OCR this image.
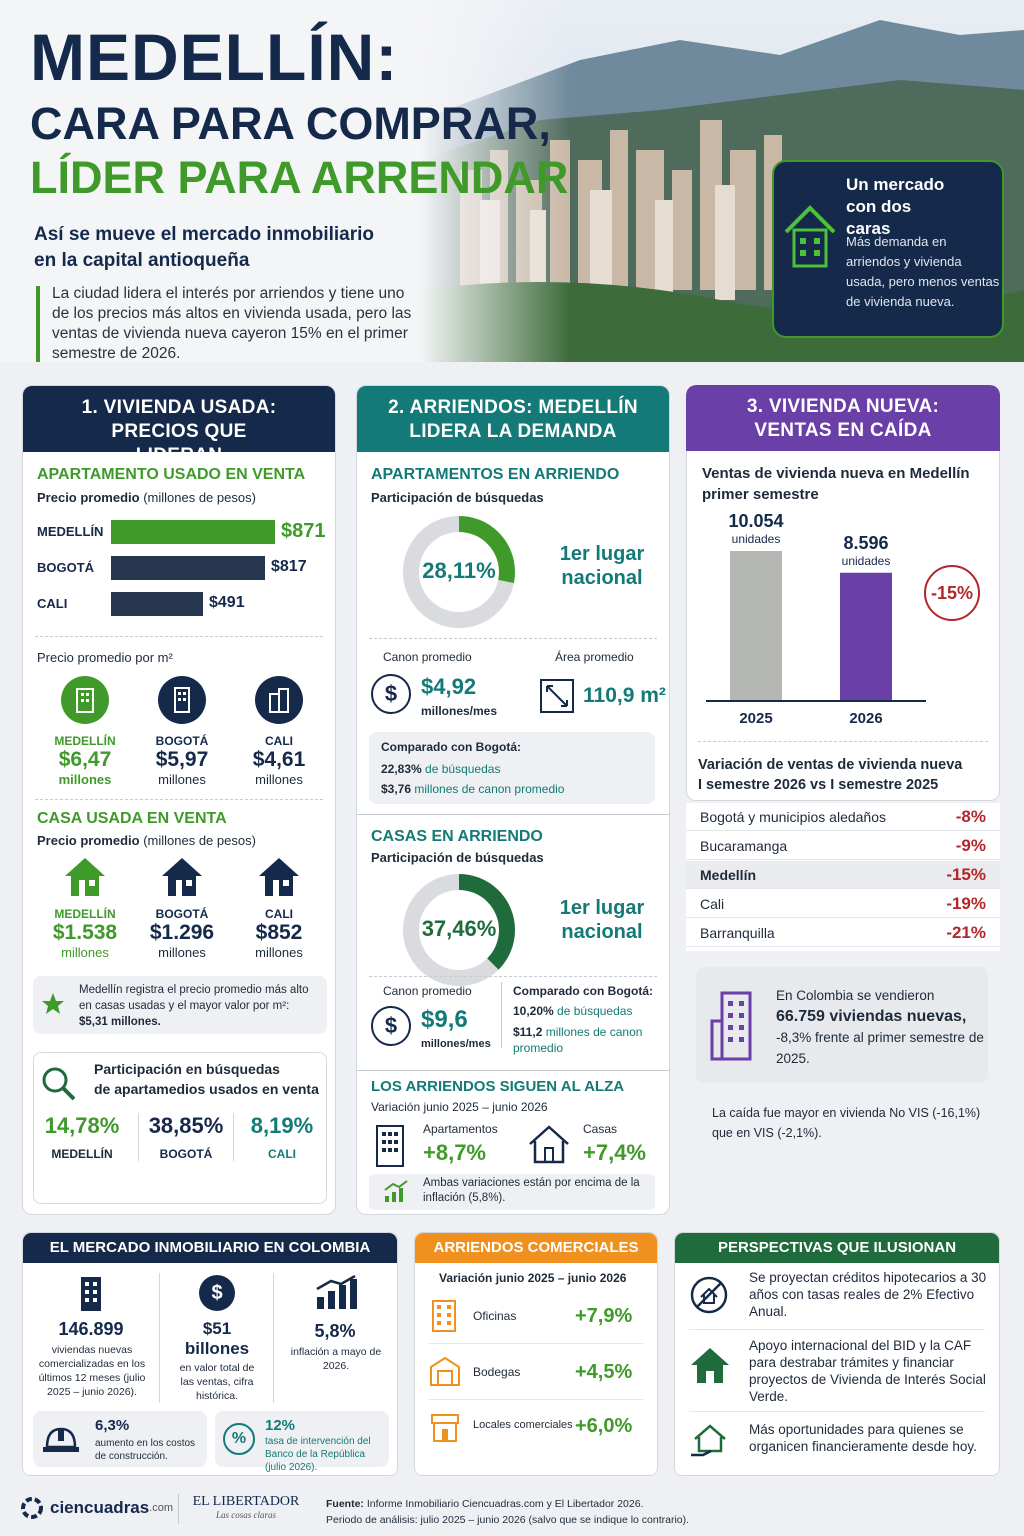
MEDELLÍN:
CARA PARA COMPRAR,
LÍDER PARA ARRENDAR
Así se mueve el mercado inmobiliario
en la capital antioqueña
La ciudad lidera el interés por arriendos y tiene uno de los precios más altos en vivienda usada, pero las ventas de vivienda nueva cayeron 15% en el primer semestre de 2026.
Un mercado con dos caras
Más demanda en arriendos y vivienda usada, pero menos ventas de vivienda nueva.
1. VIVIENDA USADA: PRECIOS QUE LIDERAN
APARTAMENTO USADO EN VENTA
Precio promedio (millones de pesos)
MEDELLÍN	$871
BOGOTÁ	$817
CALI	$491
Precio promedio por m²
MEDELLÍN
$6,47
millones
BOGOTÁ
$5,97
millones
CALI
$4,61
millones
CASA USADA EN VENTA
Precio promedio (millones de pesos)
MEDELLÍN
$1.538
millones
BOGOTÁ
$1.296
millones
CALI
$852
millones
Medellín registra el precio promedio más alto en casas usadas y el mayor valor por m²: $5,31 millones.
Participación en búsquedas
de apartamedios usados en venta
14,78%
MEDELLÍN
38,85%
BOGOTÁ
8,19%
CALI
2. ARRIENDOS: MEDELLÍN LIDERA LA DEMANDA
APARTAMENTOS EN ARRIENDO
Participación de búsquedas
28,11%
1er lugar nacional
Canon promedio
$ $4,92
millones/mes
Área promedio
110,9 m²
Comparado con Bogotá:
22,83% de búsquedas
$3,76 millones de canon promedio
CASAS EN ARRIENDO
Participación de búsquedas
37,46%
1er lugar nacional
Canon promedio
$ $9,6
millones/mes
Comparado con Bogotá:
10,20% de búsquedas
$11,2 millones de canon promedio
LOS ARRIENDOS SIGUEN AL ALZA
Variación junio 2025 – junio 2026
Apartamentos
+8,7%
Casas
+7,4%
Ambas variaciones están por encima de la inflación (5,8%).
3. VIVIENDA NUEVA: VENTAS EN CAÍDA
Ventas de vivienda nueva en Medellín
primer semestre
10.054
unidades
2025
8.596
unidades
2026
-15%
Variación de ventas de vivienda nueva
I semestre 2026 vs I semestre 2025
Bogotá y municipios aledaños	-8%
Bucaramanga	-9%
Medellín	-15%
Cali	-19%
Barranquilla	-21%
En Colombia se vendieron
66.759 viviendas nuevas,
-8,3% frente al primer semestre de 2025.
La caída fue mayor en vivienda No VIS (-16,1%) que en VIS (-2,1%).
EL MERCADO INMOBILIARIO EN COLOMBIA
146.899
viviendas nuevas comercializadas en los últimos 12 meses (julio 2025 – junio 2026).
$
$51 billones
en valor total de las ventas, cifra histórica.
5,8%
inflación a mayo de 2026.
6,3%
aumento en los costos de construcción.
%
12%
tasa de intervención del Banco de la República (julio 2026).
ARRIENDOS COMERCIALES
Variación junio 2025 – junio 2026
Oficinas	+7,9%
Bodegas	+4,5%
Locales comerciales +6,0%
PERSPECTIVAS QUE ILUSIONAN
Se proyectan créditos hipotecarios a 30 años con tasas reales de 2% Efectivo Anual.
Apoyo internacional del BID y la CAF para destrabar trámites y financiar proyectos de Vivienda de Interés Social Verde.
Más oportunidades para quienes se organicen financieramente desde hoy.
ciencuadras .com EL LIBERTADOR
Las cosas claras
Fuente: Informe Inmobiliario Ciencuadras.com y El Libertador 2026.
Periodo de análisis: julio 2025 – junio 2026 (salvo que se indique lo contrario).
